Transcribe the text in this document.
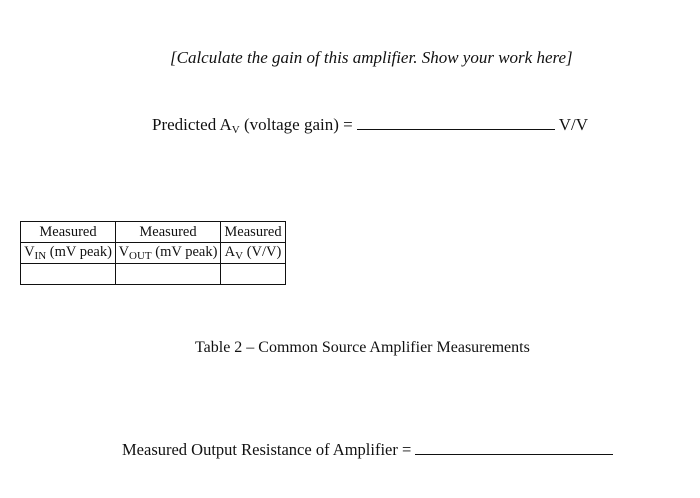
[Calculate the gain of this amplifier. Show your work here]
Predicted $A_V$ (voltage gain) =	V/V
Measured	Measured	Measured
$V_{IN}$ (mV peak)	$V_{OUT}$ (mV peak)	$A_V$ (V/V)

Table 2 – Common Source Amplifier Measurements
Measured Output Resistance of Amplifier =
